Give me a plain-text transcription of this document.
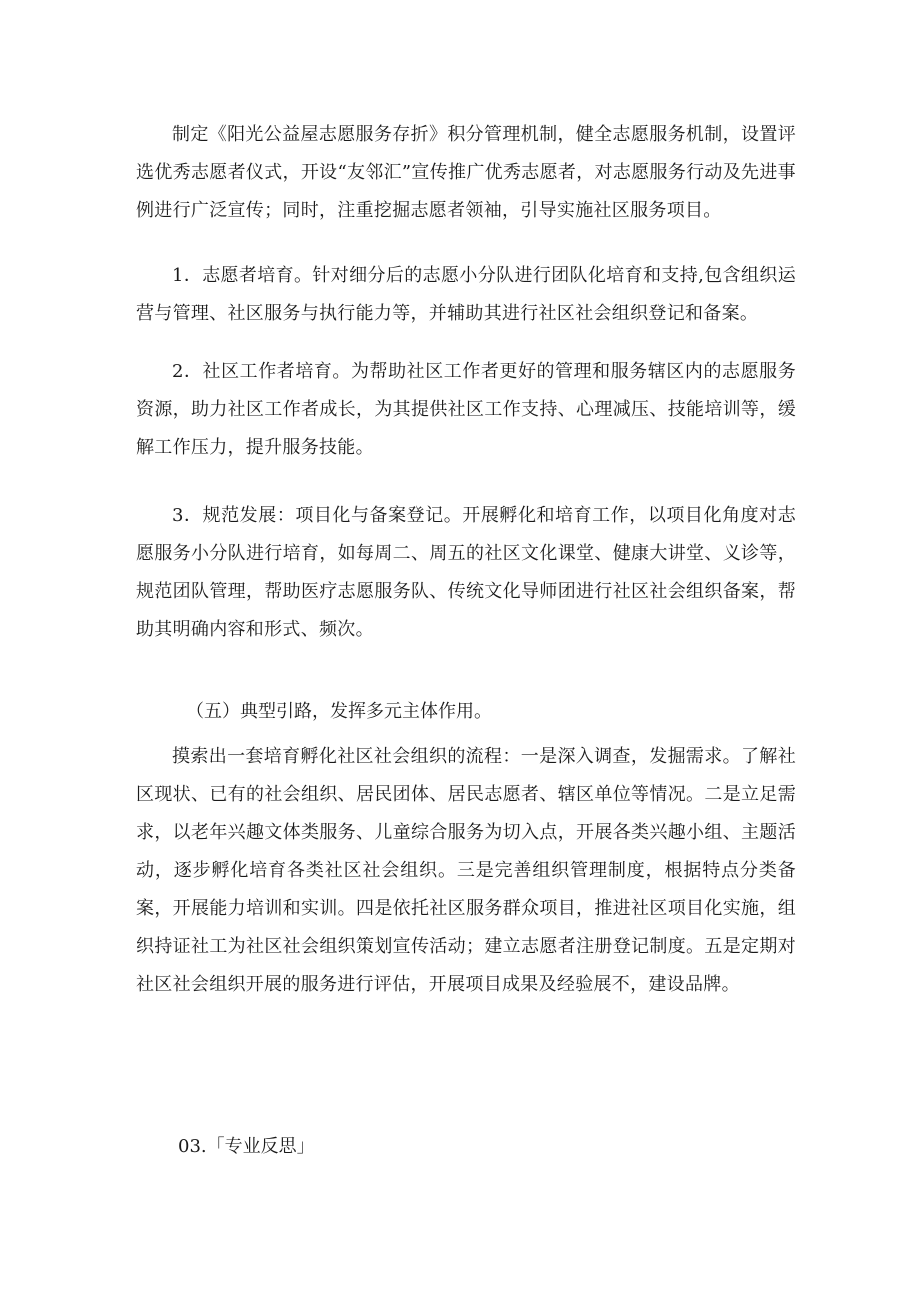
制定《阳光公益屋志愿服务存折》积分管理机制，健全志愿服务机制，设置评选优秀志愿者仪式，开设“友邻汇”宣传推广优秀志愿者，对志愿服务行动及先进事例进行广泛宣传；同时，注重挖掘志愿者领袖，引导实施社区服务项目。

1．志愿者培育。针对细分后的志愿小分队进行团队化培育和支持,包含组织运营与管理、社区服务与执行能力等，并辅助其进行社区社会组织登记和备案。

2．社区工作者培育。为帮助社区工作者更好的管理和服务辖区内的志愿服务资源，助力社区工作者成长，为其提供社区工作支持、心理减压、技能培训等，缓解工作压力，提升服务技能。

3．规范发展：项目化与备案登记。开展孵化和培育工作，以项目化角度对志愿服务小分队进行培育，如每周二、周五的社区文化课堂、健康大讲堂、义诊等，规范团队管理，帮助医疗志愿服务队、传统文化导师团进行社区社会组织备案，帮助其明确内容和形式、频次。

（五）典型引路，发挥多元主体作用。

摸索出一套培育孵化社区社会组织的流程：一是深入调查，发掘需求。了解社区现状、已有的社会组织、居民团体、居民志愿者、辖区单位等情况。二是立足需求，以老年兴趣文体类服务、儿童综合服务为切入点，开展各类兴趣小组、主题活动，逐步孵化培育各类社区社会组织。三是完善组织管理制度，根据特点分类备案，开展能力培训和实训。四是依托社区服务群众项目，推进社区项目化实施，组织持证社工为社区社会组织策划宣传活动；建立志愿者注册登记制度。五是定期对社区社会组织开展的服务进行评估，开展项目成果及经验展不，建设品牌。

03.「专业反思」
